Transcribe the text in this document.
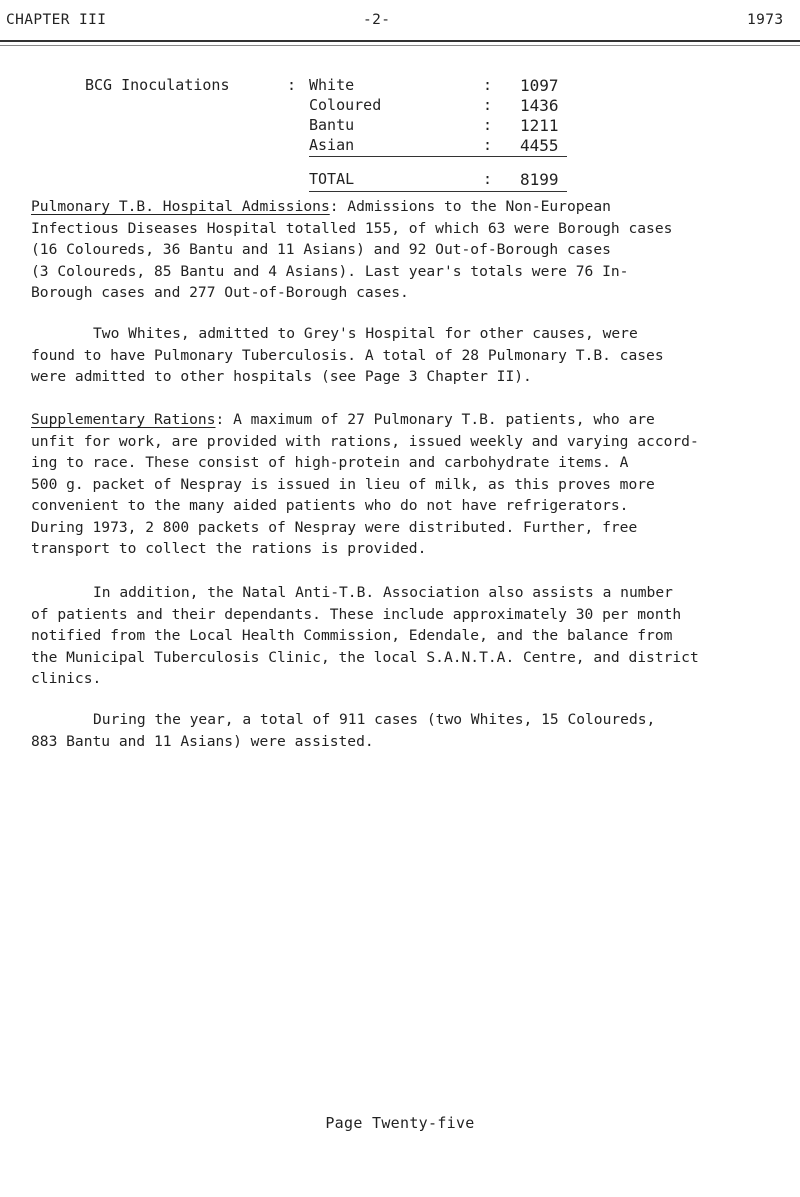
CHAPTER III	-2-	1973
BCG Inoculations	: White	: 1097
Coloured	: 1436
Bantu	: 1211
Asian	: 4455
TOTAL	: 8199
Pulmonary T.B. Hospital Admissions: Admissions to the Non-European
Infectious Diseases Hospital totalled 155, of which 63 were Borough cases
(16 Coloureds, 36 Bantu and 11 Asians) and 92 Out-of-Borough cases
(3 Coloureds, 85 Bantu and 4 Asians). Last year's totals were 76 In-
Borough cases and 277 Out-of-Borough cases.
Two Whites, admitted to Grey's Hospital for other causes, were
found to have Pulmonary Tuberculosis. A total of 28 Pulmonary T.B. cases
were admitted to other hospitals (see Page 3 Chapter II).
Supplementary Rations: A maximum of 27 Pulmonary T.B. patients, who are
unfit for work, are provided with rations, issued weekly and varying accord-
ing to race. These consist of high-protein and carbohydrate items. A
500 g. packet of Nespray is issued in lieu of milk, as this proves more
convenient to the many aided patients who do not have refrigerators.
During 1973, 2 800 packets of Nespray were distributed. Further, free
transport to collect the rations is provided.
In addition, the Natal Anti-T.B. Association also assists a number
of patients and their dependants. These include approximately 30 per month
notified from the Local Health Commission, Edendale, and the balance from
the Municipal Tuberculosis Clinic, the local S.A.N.T.A. Centre, and district
clinics.
During the year, a total of 911 cases (two Whites, 15 Coloureds,
883 Bantu and 11 Asians) were assisted.
Page Twenty-five
